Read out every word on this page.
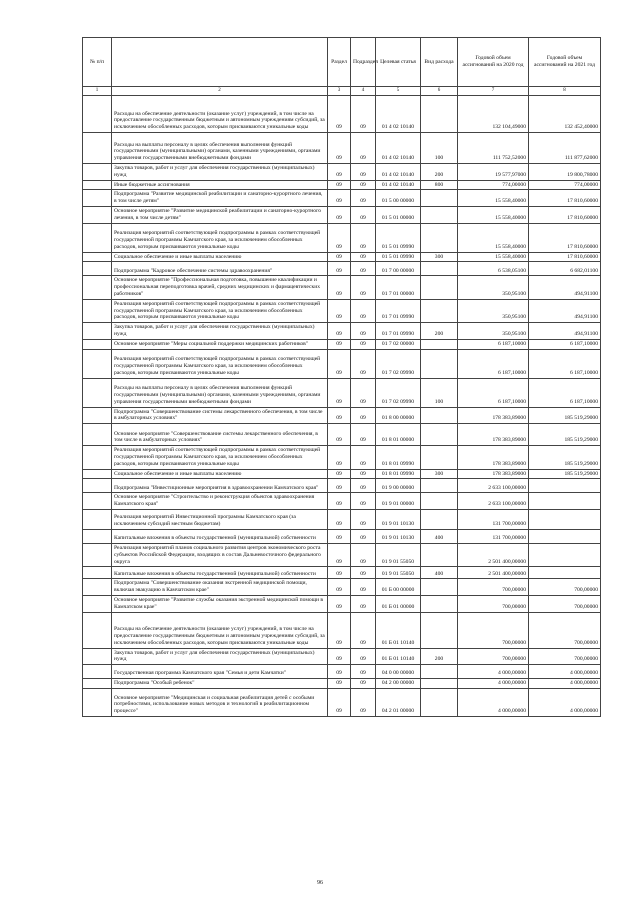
№ п/п		Раздел	Подраздел	Целевая статья	Вид расхода	Годовой объем ассигнований на 2020 год	Годовой объем ассигнований на 2021 год
1	2	3	4	5	6	7	8
	Расходы на обеспечение деятельности (оказание услуг) учреждений, в том числе на предоставление государственным бюджетным и автономным учреждениям субсидий, за исключением обособленных расходов, которым присваиваются уникальные коды	09	09	01 4 02 10140		132 104,49000	132 452,40000
	Расходы на выплаты персоналу в целях обеспечения выполнения функций государственными (муниципальными) органами, казенными учреждениями, органами управления государственными внебюджетными фондами	09	09	01 4 02 10140	100	111 752,52000	111 877,62000
	Закупка товаров, работ и услуг для обеспечения государственных (муниципальных) нужд	09	09	01 4 02 10140	200	19 577,97000	19 800,78000
	Иные бюджетные ассигнования	09	09	01 4 02 10140	800	774,00000	774,00000
	Подпрограмма "Развитие медицинской реабилитации и санаторно-курортного лечения, в том числе детям"	09	09	01 5 00 00000		15 558,40000	17 810,60000
	Основное мероприятие "Развитие медицинской реабилитации и санаторно-курортного лечения, в том числе детям"	09	09	01 5 01 00000		15 558,40000	17 810,60000
	Реализация мероприятий соответствующей подпрограммы в рамках соответствующей государственной программы Камчатского края, за исключением обособленных расходов, которым присваиваются уникальные коды	09	09	01 5 01 09990		15 558,40000	17 810,60000
	Социальное обеспечение и иные выплаты населению	09	09	01 5 01 09990	300	15 558,40000	17 810,60000
	Подпрограмма "Кадровое обеспечение системы здравоохранения"	09	09	01 7 00 00000		6 538,05100	6 682,01100
	Основное мероприятие "Профессиональная подготовка, повышение квалификации и профессиональная переподготовка врачей, средних медицинских и фармацевтических работников"	09	09	01 7 01 00000		350,95100	494,91100
	Реализация мероприятий соответствующей подпрограммы в рамках соответствующей государственной программы Камчатского края, за исключением обособленных расходов, которым присваиваются уникальные коды	09	09	01 7 01 09990		350,95100	494,91100
	Закупка товаров, работ и услуг для обеспечения государственных (муниципальных) нужд	09	09	01 7 01 09990	200	350,95100	494,91100
	Основное мероприятие "Меры социальной поддержки медицинских работников"	09	09	01 7 02 00000		6 187,10000	6 187,10000
	Реализация мероприятий соответствующей подпрограммы в рамках соответствующей государственной программы Камчатского края, за исключением обособленных расходов, которым присваиваются уникальные коды	09	09	01 7 02 09990		6 187,10000	6 187,10000
	Расходы на выплаты персоналу в целях обеспечения выполнения функций государственными (муниципальными) органами, казенными учреждениями, органами управления государственными внебюджетными фондами	09	09	01 7 02 09990	100	6 187,10000	6 187,10000
	Подпрограмма "Совершенствование системы лекарственного обеспечения, в том числе в амбулаторных условиях"	09	09	01 8 00 00000		178 383,89000	185 519,29000
	Основное мероприятие "Совершенствование системы лекарственного обеспечения, в том числе в амбулаторных условиях"	09	09	01 8 01 00000		178 383,89000	185 519,29000
	Реализация мероприятий соответствующей подпрограммы в рамках соответствующей государственной программы Камчатского края, за исключением обособленных расходов, которым присваиваются уникальные коды	09	09	01 8 01 09990		178 383,89000	185 519,29000
	Социальное обеспечение и иные выплаты населению	09	09	01 8 01 09990	300	178 383,89000	185 519,29000
	Подпрограмма "Инвестиционные мероприятия в здравоохранении Камчатского края"	09	09	01 9 00 00000		2 633 100,00000	
	Основное мероприятие "Строительство и реконструкция объектов здравоохранения Камчатского края"	09	09	01 9 01 00000		2 633 100,00000	
	Реализация мероприятий Инвестиционной программы Камчатского края (за исключением субсидий местным бюджетам)	09	09	01 9 01 10130		131 700,00000	
	Капитальные вложения в объекты государственной (муниципальной) собственности	09	09	01 9 01 10130	400	131 700,00000	
	Реализация мероприятий планов социального развития центров экономического роста субъектов Российской Федерации, входящих в состав Дальневосточного федерального округа	09	09	01 9 01 55050		2 501 400,00000	
	Капитальные вложения в объекты государственной (муниципальной) собственности	09	09	01 9 01 55050	400	2 501 400,00000	
	Подпрограмма "Совершенствование оказания экстренной медицинской помощи, включая эвакуацию в Камчатском крае"	09	09	01 Б 00 00000		700,00000	700,00000
	Основное мероприятие "Развитие службы оказания экстренной медицинской помощи в Камчатском крае"	09	09	01 Б 01 00000		700,00000	700,00000
	Расходы на обеспечение деятельности (оказание услуг) учреждений, в том числе на предоставление государственным бюджетным и автономным учреждениям субсидий, за исключением обособленных расходов, которым присваиваются уникальные коды	09	09	01 Б 01 10140		700,00000	700,00000
	Закупка товаров, работ и услуг для обеспечения государственных (муниципальных) нужд	09	09	01 Б 01 10140	200	700,00000	700,00000
	Государственная программа Камчатского края "Семья и дети Камчатки"	09	09	04 0 00 00000		4 000,00000	4 000,00000
	Подпрограмма "Особый ребенок"	09	09	04 2 00 00000		4 000,00000	4 000,00000
	Основное мероприятие "Медицинская и социальная реабилитация детей с особыми потребностями, использование новых методов и технологий в реабилитационном процессе"	09	09	04 2 01 00000		4 000,00000	4 000,00000
96
